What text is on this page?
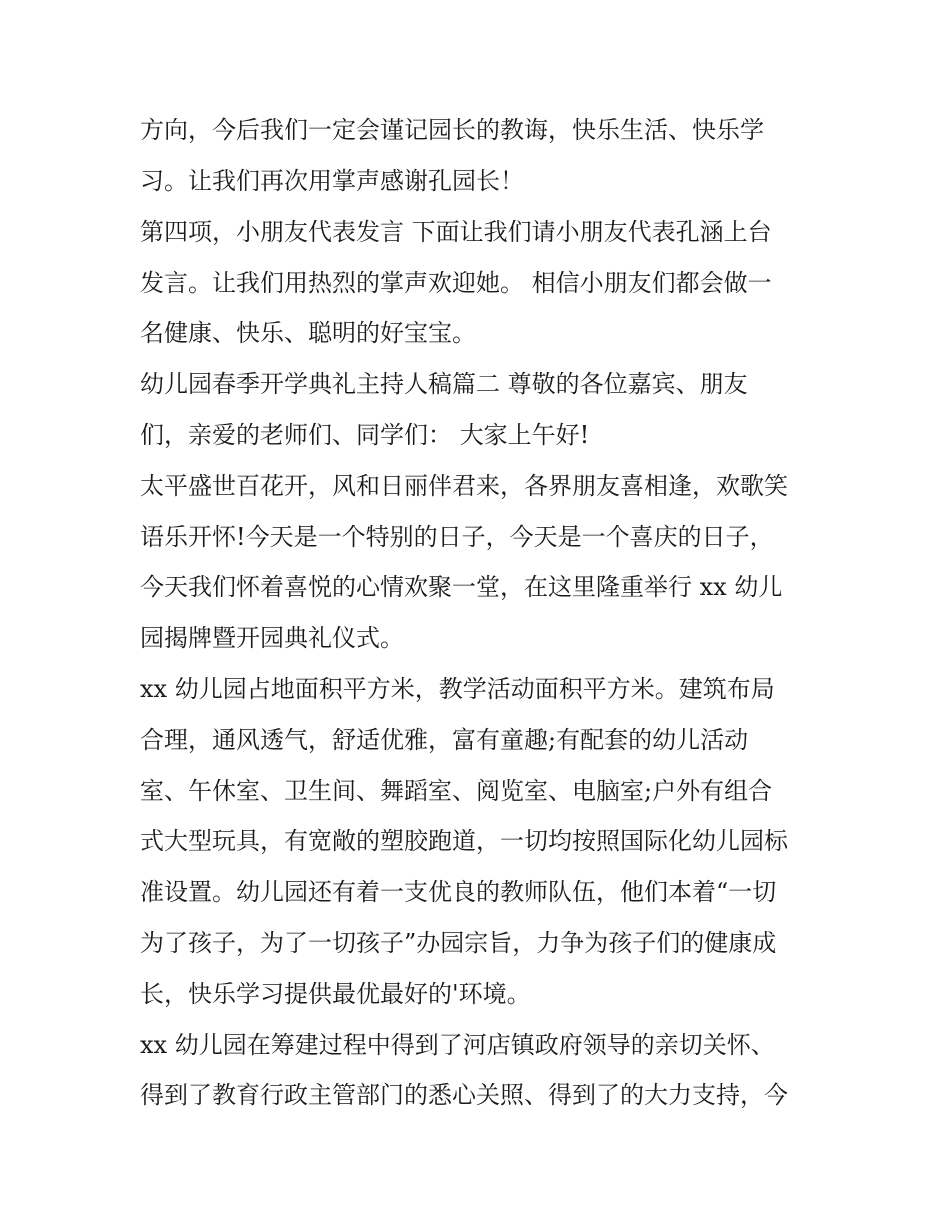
方向，今后我们一定会谨记园长的教诲，快乐生活、快乐学

习。让我们再次用掌声感谢孔园长！

第四项，小朋友代表发言 下面让我们请小朋友代表孔涵上台

发言。让我们用热烈的掌声欢迎她。 相信小朋友们都会做一

名健康、快乐、聪明的好宝宝。

幼儿园春季开学典礼主持人稿篇二 尊敬的各位嘉宾、朋友

们，亲爱的老师们、同学们： 大家上午好!

太平盛世百花开，风和日丽伴君来，各界朋友喜相逢，欢歌笑

语乐开怀!今天是一个特别的日子，今天是一个喜庆的日子，

今天我们怀着喜悦的心情欢聚一堂，在这里隆重举行 xx 幼儿

园揭牌暨开园典礼仪式。

xx 幼儿园占地面积平方米，教学活动面积平方米。建筑布局

合理，通风透气，舒适优雅，富有童趣;有配套的幼儿活动

室、午休室、卫生间、舞蹈室、阅览室、电脑室;户外有组合

式大型玩具，有宽敞的塑胶跑道，一切均按照国际化幼儿园标

准设置。幼儿园还有着一支优良的教师队伍，他们本着“一切

为了孩子，为了一切孩子”办园宗旨，力争为孩子们的健康成

长，快乐学习提供最优最好的'环境。

xx 幼儿园在筹建过程中得到了河店镇政府领导的亲切关怀、

得到了教育行政主管部门的悉心关照、得到了的大力支持，今
